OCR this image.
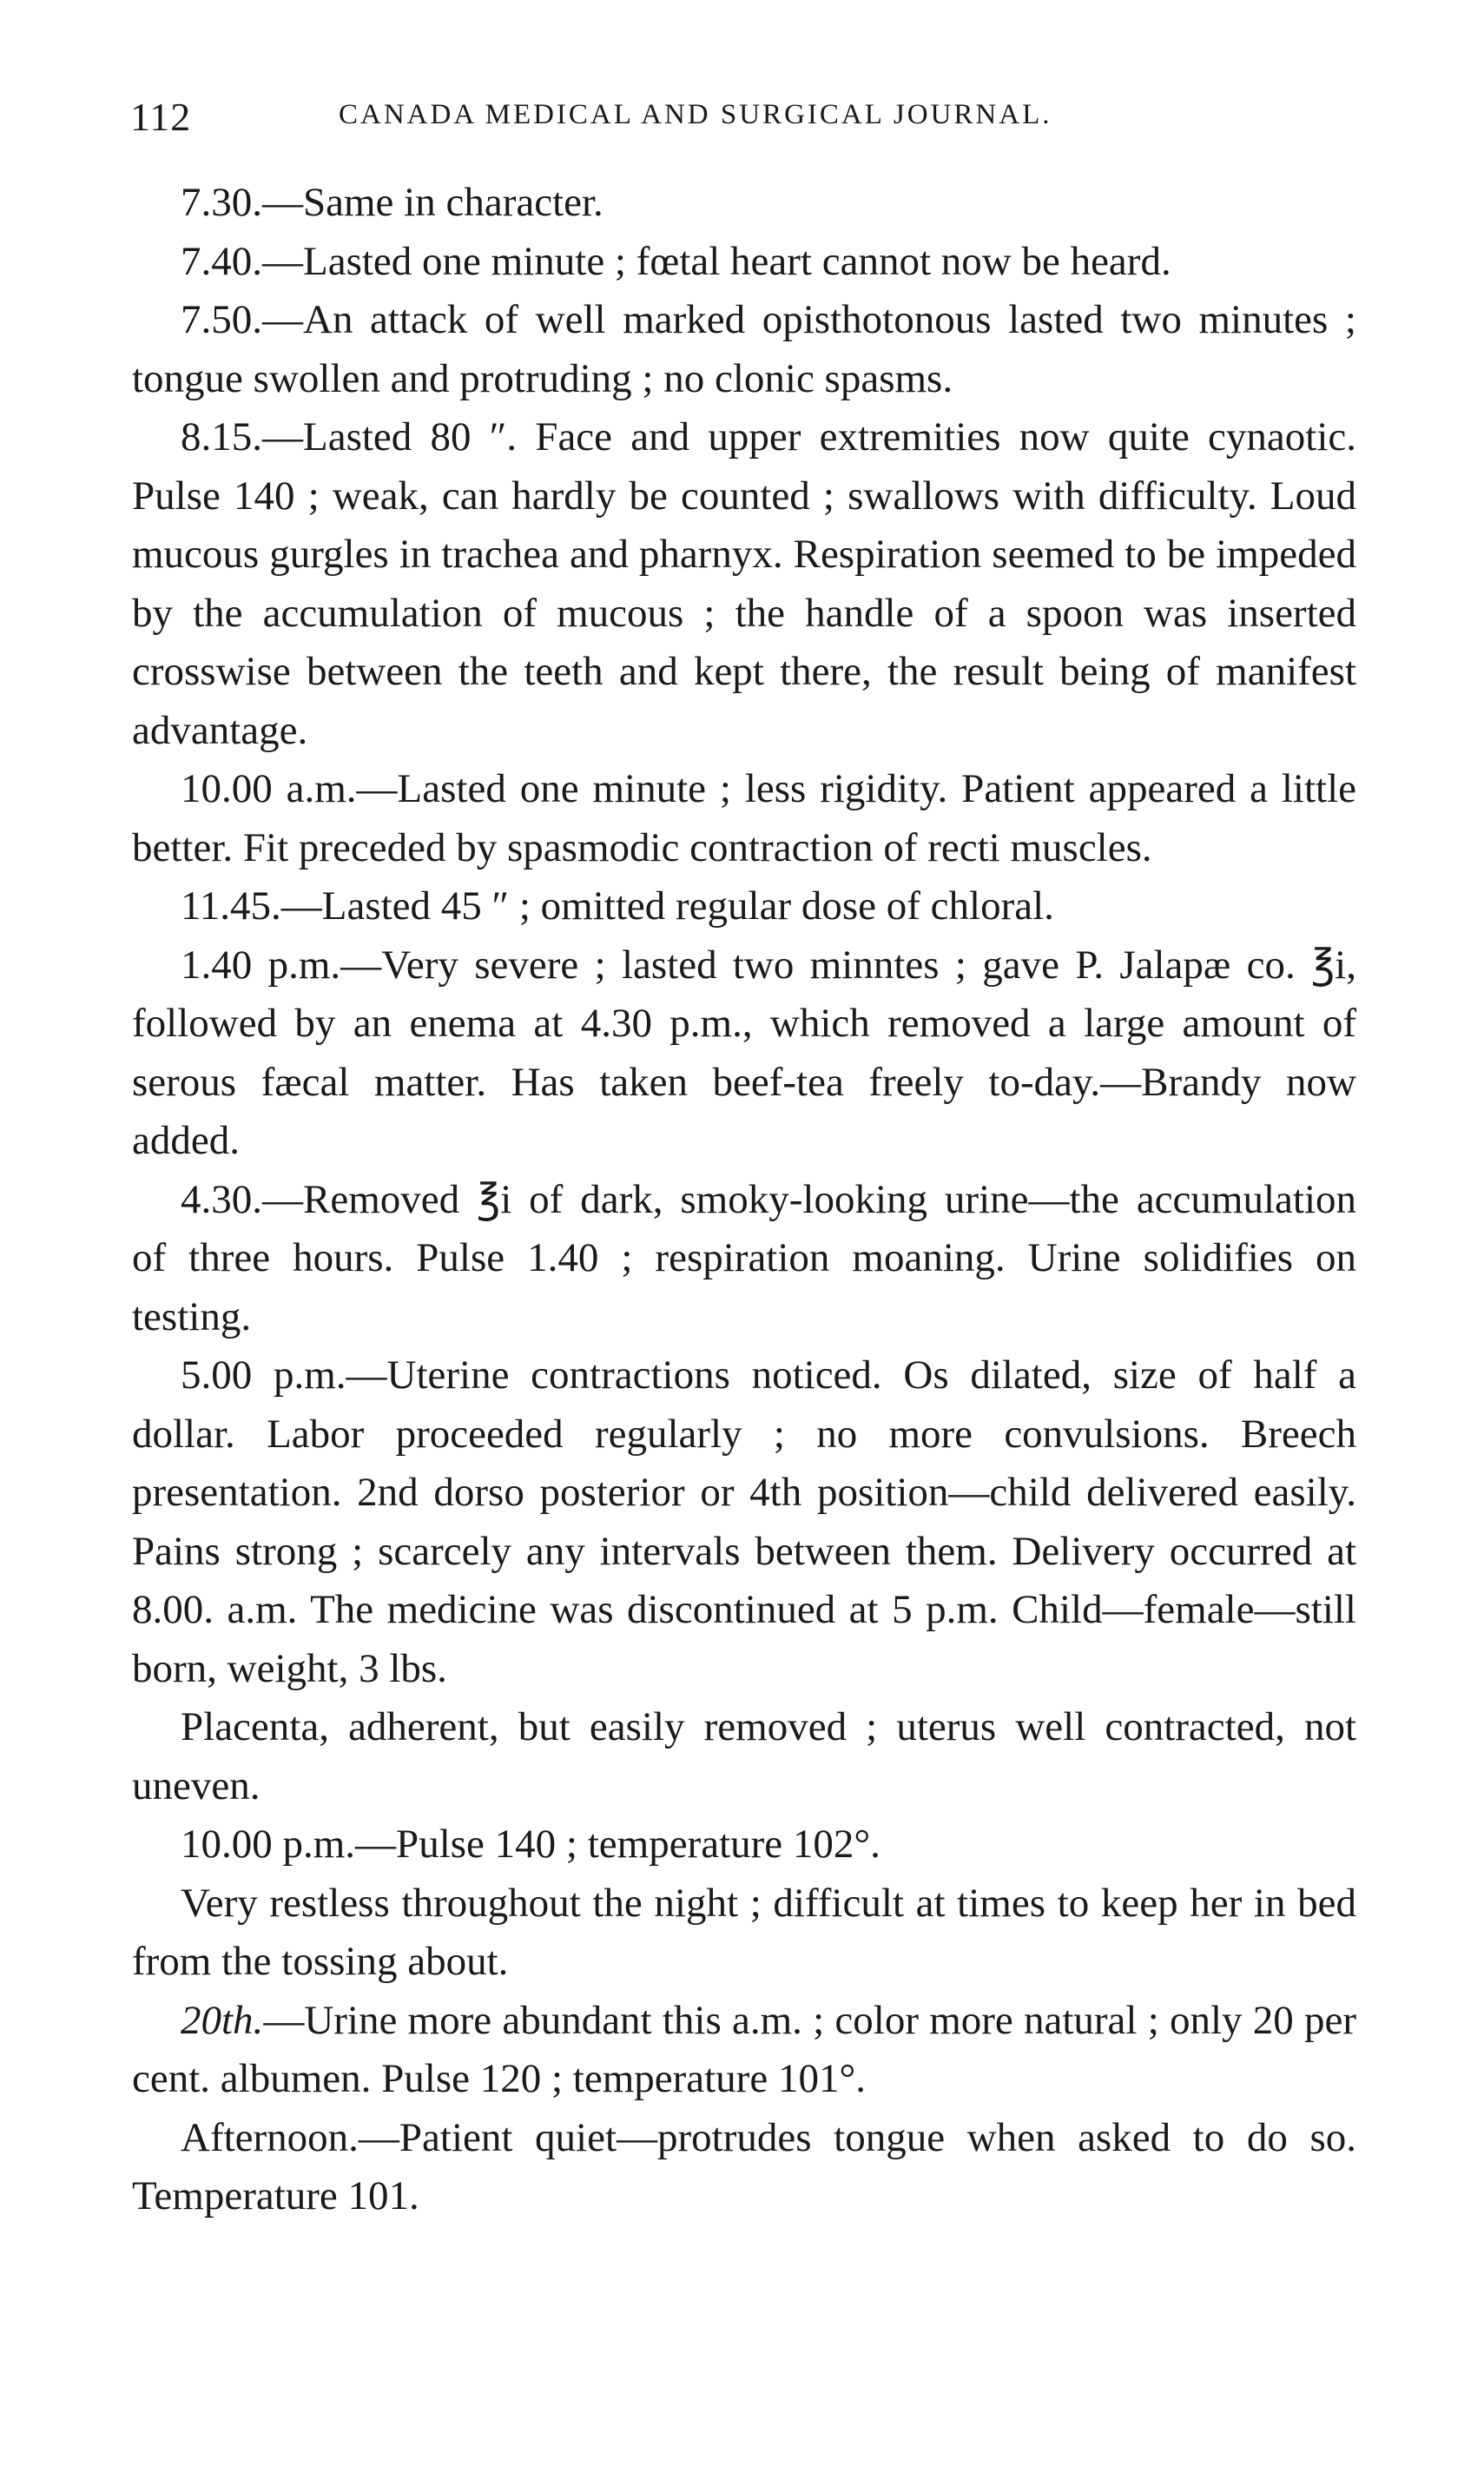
112	CANADA MEDICAL AND SURGICAL JOURNAL.

7.30.—Same in character.

7.40.—Lasted one minute ; fœtal heart cannot now be heard.

7.50.—An attack of well marked opisthotonous lasted two minutes ; tongue swollen and protruding ; no clonic spasms.

8.15.—Lasted 80 ″. Face and upper extremities now quite cynaotic. Pulse 140 ; weak, can hardly be counted ; swallows with difficulty. Loud mucous gurgles in trachea and pharnyx. Respiration seemed to be impeded by the accumulation of mucous ; the handle of a spoon was inserted crosswise between the teeth and kept there, the result being of manifest advantage.

10.00 a.m.—Lasted one minute ; less rigidity. Patient appeared a little better. Fit preceded by spasmodic contraction of recti muscles.

11.45.—Lasted 45 ″ ; omitted regular dose of chloral.

1.40 p.m.—Very severe ; lasted two minntes ; gave P. Jalapæ co. ℥i, followed by an enema at 4.30 p.m., which removed a large amount of serous fæcal matter. Has taken beef-tea freely to-day.—Brandy now added.

4.30.—Removed ℥i of dark, smoky-looking urine—the accumulation of three hours. Pulse 1.40 ; respiration moaning. Urine solidifies on testing.

5.00 p.m.—Uterine contractions noticed. Os dilated, size of half a dollar. Labor proceeded regularly ; no more convulsions. Breech presentation. 2nd dorso posterior or 4th position—child delivered easily. Pains strong ; scarcely any intervals between them. Delivery occurred at 8.00. a.m. The medicine was discontinued at 5 p.m. Child—female—still born, weight, 3 lbs.

Placenta, adherent, but easily removed ; uterus well contracted, not uneven.

10.00 p.m.—Pulse 140 ; temperature 102°.

Very restless throughout the night ; difficult at times to keep her in bed from the tossing about.

20th.—Urine more abundant this a.m. ; color more natural ; only 20 per cent. albumen. Pulse 120 ; temperature 101°.

Afternoon.—Patient quiet—protrudes tongue when asked to do so. Temperature 101.
